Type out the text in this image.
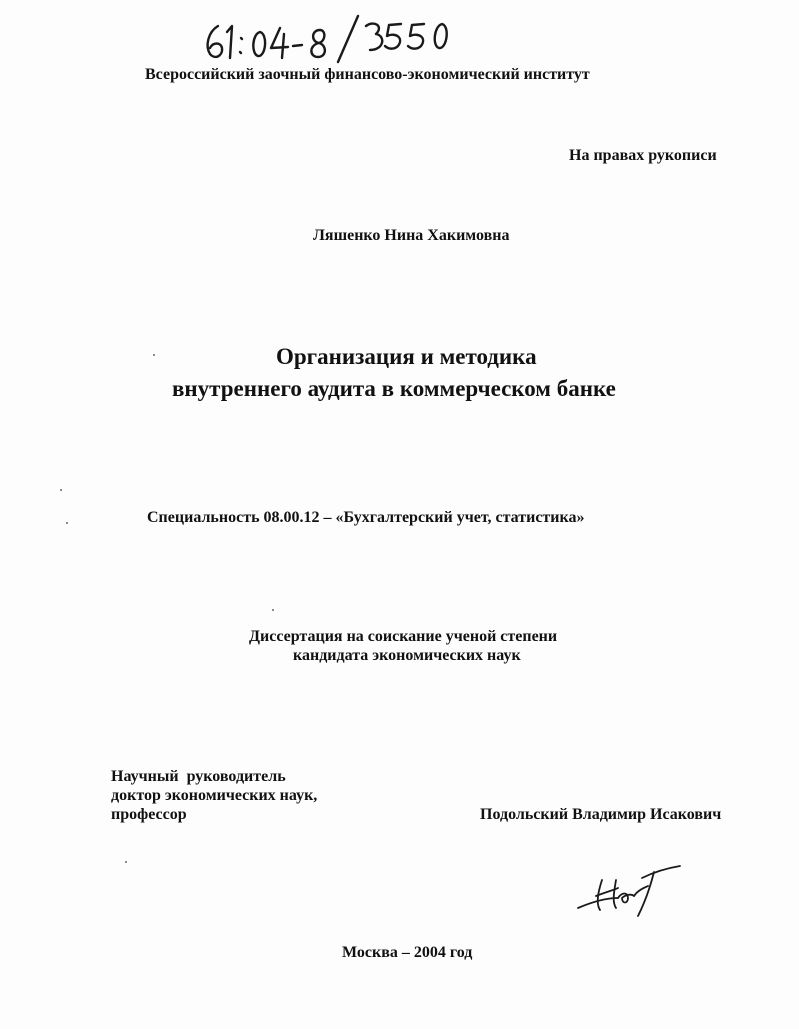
Всероссийский заочный финансово-экономический институт
На правах рукописи
Ляшенко Нина Хакимовна
Организация и методика
внутреннего аудита в коммерческом банке
Специальность 08.00.12 – «Бухгалтерский учет, статистика»
Диссертация на соискание ученой степени
кандидата экономических наук
Научный  руководитель
доктор экономических наук,
профессор	Подольский Владимир Исакович
Москва – 2004 год
